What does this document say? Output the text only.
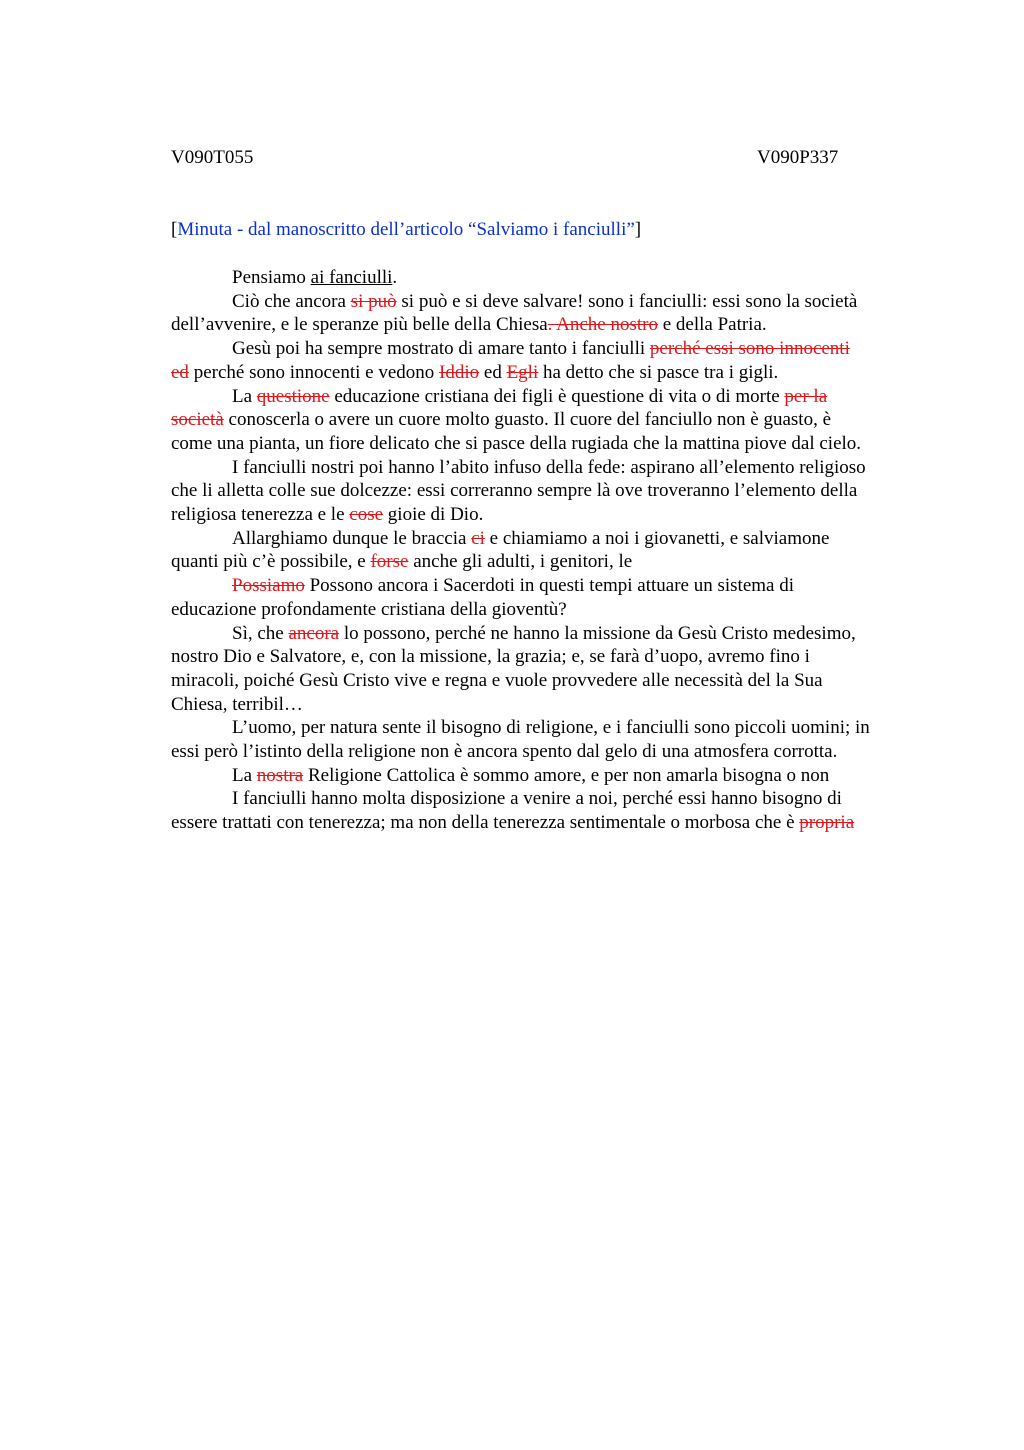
V090T055	V090P337
[Minuta - dal manoscritto dell’articolo “Salviamo i fanciulli”]

Pensiamo ai fanciulli.

Ciò che ancora si può si può e si deve salvare! sono i fanciulli: essi sono la società
dell’avvenire, e le speranze più belle della Chiesa. Anche nostro e della Patria.

Gesù poi ha sempre mostrato di amare tanto i fanciulli perché essi sono innocenti
ed perché sono innocenti e vedono Iddio ed Egli ha detto che si pasce tra i gigli.

La questione educazione cristiana dei figli è questione di vita o di morte per la
società conoscerla o avere un cuore molto guasto. Il cuore del fanciullo non è guasto, è
come una pianta, un fiore delicato che si pasce della rugiada che la mattina piove dal cielo.

I fanciulli nostri poi hanno l’abito infuso della fede: aspirano all’elemento religioso
che li alletta colle sue dolcezze: essi correranno sempre là ove troveranno l’elemento della
religiosa tenerezza e le cose gioie di Dio.

Allarghiamo dunque le braccia ci e chiamiamo a noi i giovanetti, e salviamone
quanti più c’è possibile, e forse anche gli adulti, i genitori, le

Possiamo Possono ancora i Sacerdoti in questi tempi attuare un sistema di
educazione profondamente cristiana della gioventù?

Sì, che ancora lo possono, perché ne hanno la missione da Gesù Cristo medesimo,
nostro Dio e Salvatore, e, con la missione, la grazia; e, se farà d’uopo, avremo fino i
miracoli, poiché Gesù Cristo vive e regna e vuole provvedere alle necessità del la Sua
Chiesa, terribil…

L’uomo, per natura sente il bisogno di religione, e i fanciulli sono piccoli uomini; in
essi però l’istinto della religione non è ancora spento dal gelo di una atmosfera corrotta.

La nostra Religione Cattolica è sommo amore, e per non amarla bisogna o non

I fanciulli hanno molta disposizione a venire a noi, perché essi hanno bisogno di
essere trattati con tenerezza; ma non della tenerezza sentimentale o morbosa che è propria
